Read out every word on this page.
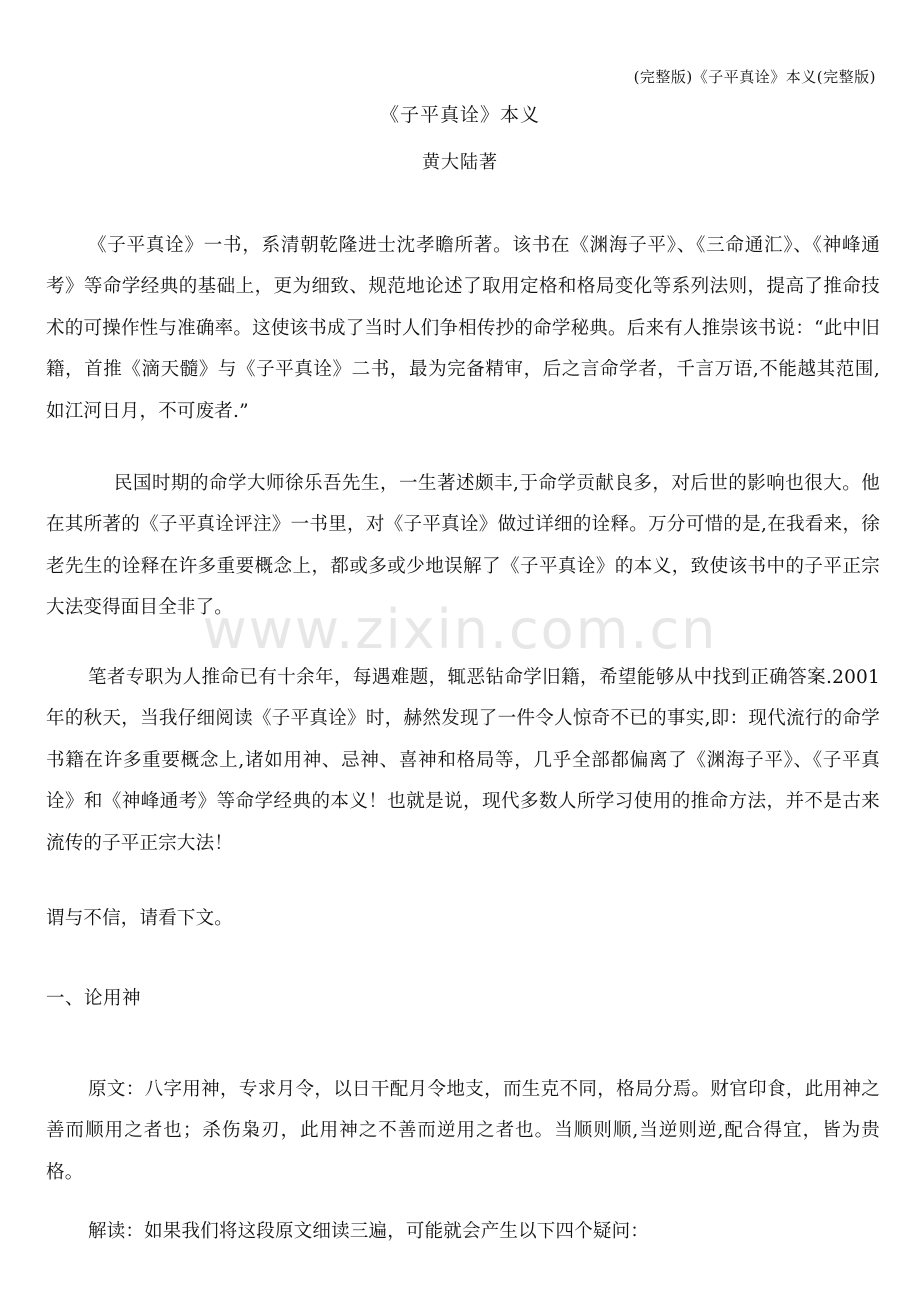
(完整版)《子平真诠》本义(完整版)
《子平真诠》本义
黄大陆著

《子平真诠》一书，系清朝乾隆进士沈孝瞻所著。该书在《渊海子平》、《三命通汇》、《神峰通考》等命学经典的基础上，更为细致、规范地论述了取用定格和格局变化等系列法则，提高了推命技术的可操作性与准确率。这使该书成了当时人们争相传抄的命学秘典。后来有人推崇该书说：“此中旧籍，首推《滴天髓》与《子平真诠》二书，最为完备精审，后之言命学者，千言万语,不能越其范围,如江河日月，不可废者.”

民国时期的命学大师徐乐吾先生，一生著述颇丰,于命学贡献良多，对后世的影响也很大。他在其所著的《子平真诠评注》一书里，对《子平真诠》做过详细的诠释。万分可惜的是,在我看来，徐老先生的诠释在许多重要概念上，都或多或少地误解了《子平真诠》的本义，致使该书中的子平正宗大法变得面目全非了。

笔者专职为人推命已有十余年，每遇难题，辄恶钻命学旧籍，希望能够从中找到正确答案.2001年的秋天，当我仔细阅读《子平真诠》时，赫然发现了一件令人惊奇不已的事实,即：现代流行的命学书籍在许多重要概念上,诸如用神、忌神、喜神和格局等，几乎全部都偏离了《渊海子平》、《子平真诠》和《神峰通考》等命学经典的本义！也就是说，现代多数人所学习使用的推命方法，并不是古来流传的子平正宗大法！

谓与不信，请看下文。

一、论用神

原文：八字用神，专求月令，以日干配月令地支，而生克不同，格局分焉。财官印食，此用神之善而顺用之者也；杀伤枭刃，此用神之不善而逆用之者也。当顺则顺,当逆则逆,配合得宜，皆为贵格。

解读：如果我们将这段原文细读三遍，可能就会产生以下四个疑问：

www.zixin.com.cn
